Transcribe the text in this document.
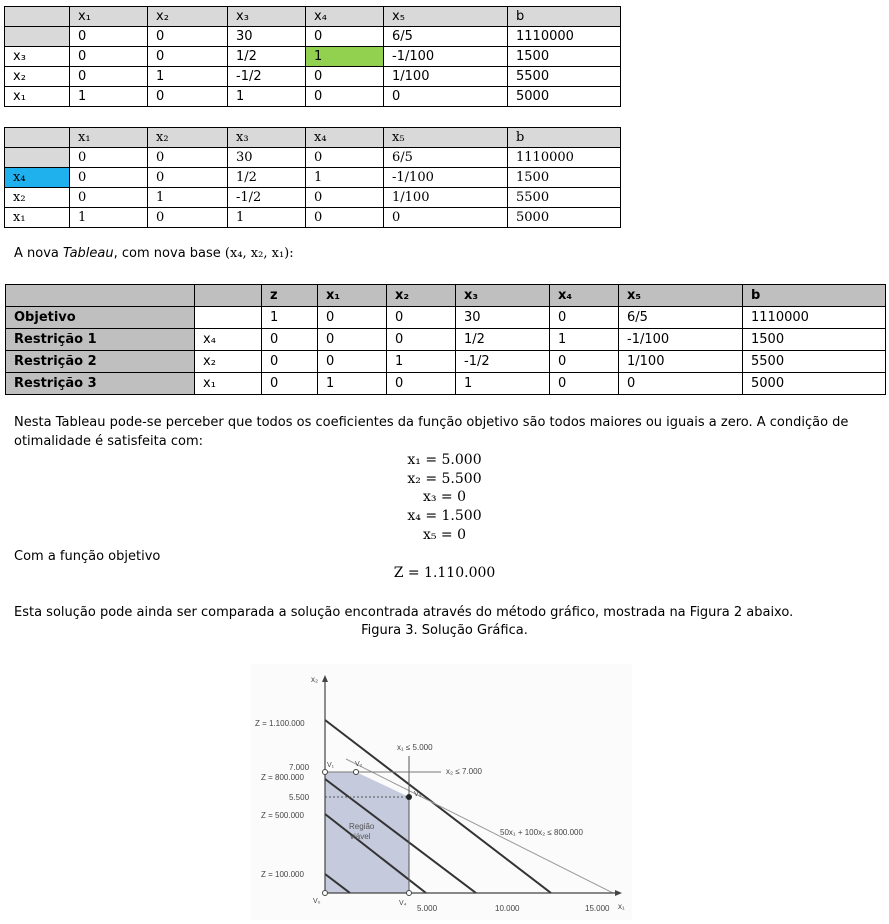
	x₁	x₂	x₃	x₄	x₅	b
	0	0	30	0	6/5	1110000
x₃	0	0	1/2	1	-1/100	1500
x₂	0	1	-1/2	0	1/100	5500
x₁	1	0	1	0	0	5000
	x₁	x₂	x₃	x₄	x₅	b
	0	0	30	0	6/5	1110000
x₄	0	0	1/2	1	-1/100	1500
x₂	0	1	-1/2	0	1/100	5500
x₁	1	0	1	0	0	5000
A nova Tableau, com nova base (x₄, x₂, x₁):
		z	x₁	x₂	x₃	x₄	x₅	b
Objetivo		1	0	0	30	0	6/5	1110000
Restrição 1	x₄	0	0	0	1/2	1	-1/100	1500
Restrição 2	x₂	0	0	1	-1/2	0	1/100	5500
Restrição 3	x₁	0	1	0	1	0	0	5000
Nesta Tableau pode-se perceber que todos os coeficientes da função objetivo são todos maiores ou iguais a zero. A condição de otimalidade é satisfeita com:
x₁ = 5.000
x₂ = 5.500
x₃ = 0
x₄ = 1.500
x₅ = 0
Com a função objetivo
Z = 1.110.000
Esta solução pode ainda ser comparada a solução encontrada através do método gráfico, mostrada na Figura 2 abaixo.
Figura 3. Solução Gráfica.
x₂
x₁
Z = 1.100.000
7.000
Z = 800.000
5.500
Z = 500.000
Z = 100.000
5.000	10.000	15.000
x₁ ≤ 5.000
x₂ ≤ 7.000
50x₁ + 100x₂ ≤ 800.000
Região
viável
V₀
V₁	V₂
V₃
V₄
